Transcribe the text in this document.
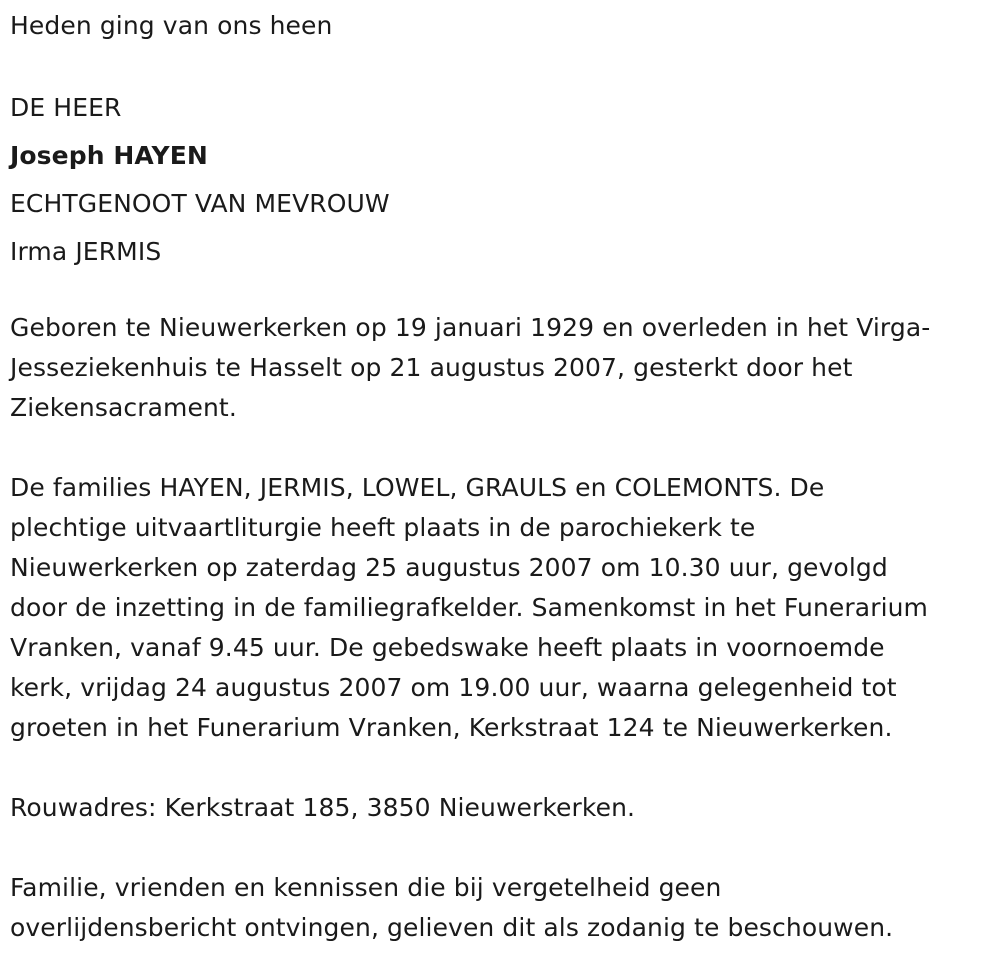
Heden ging van ons heen
DE HEER
Joseph HAYEN
ECHTGENOOT VAN MEVROUW
Irma JERMIS
Geboren te Nieuwerkerken op 19 januari 1929 en overleden in het Virga-
Jesseziekenhuis te Hasselt op 21 augustus 2007, gesterkt door het
Ziekensacrament.
De families HAYEN, JERMIS, LOWEL, GRAULS en COLEMONTS. De
plechtige uitvaartliturgie heeft plaats in de parochiekerk te
Nieuwerkerken op zaterdag 25 augustus 2007 om 10.30 uur, gevolgd
door de inzetting in de familiegrafkelder. Samenkomst in het Funerarium
Vranken, vanaf 9.45 uur. De gebedswake heeft plaats in voornoemde
kerk, vrijdag 24 augustus 2007 om 19.00 uur, waarna gelegenheid tot
groeten in het Funerarium Vranken, Kerkstraat 124 te Nieuwerkerken.
Rouwadres: Kerkstraat 185, 3850 Nieuwerkerken.
Familie, vrienden en kennissen die bij vergetelheid geen
overlijdensbericht ontvingen, gelieven dit als zodanig te beschouwen.
